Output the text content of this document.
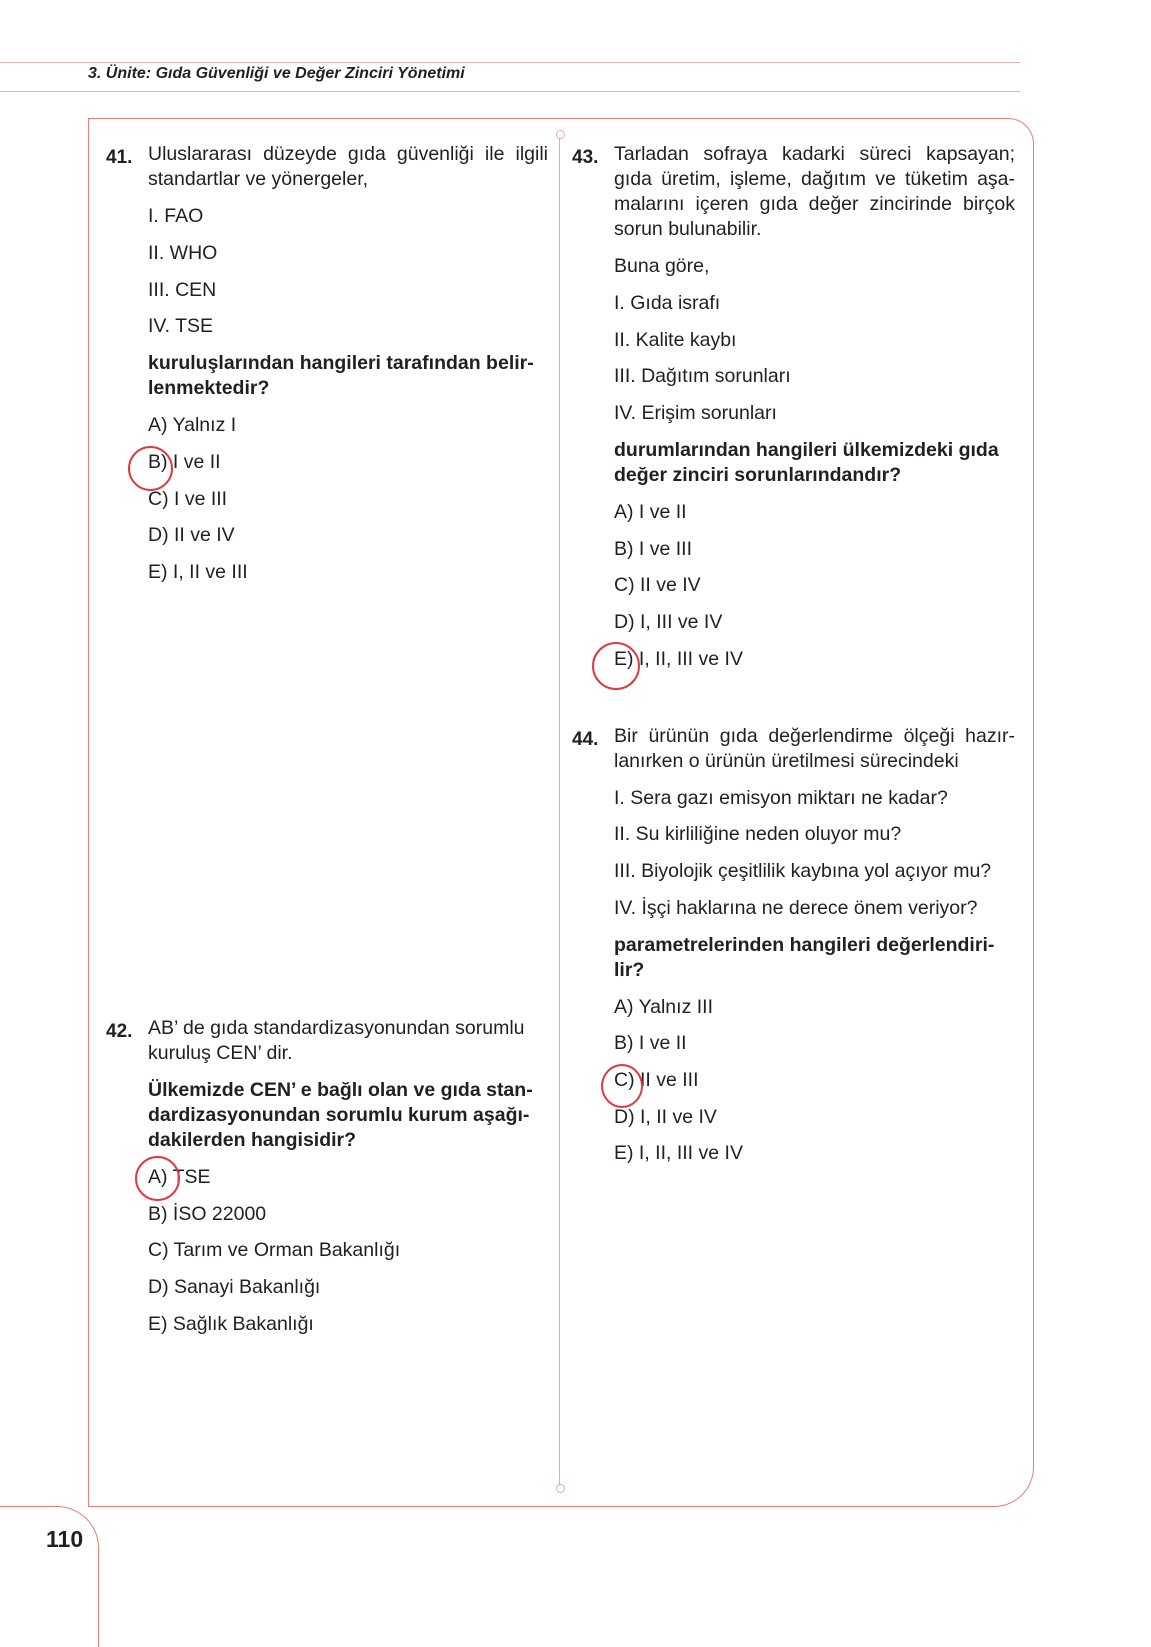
3. Ünite: Gıda Güvenliği ve Değer Zinciri Yönetimi
110
41. Uluslararası düzeyde gıda güvenliği ile ilgili
standartlar ve yönergeler,
I. FAO
II. WHO
III. CEN
IV. TSE
kuruluşlarından hangileri tarafından belir-
lenmektedir?
A) Yalnız I
B) I ve II
C) I ve III
D) II ve IV
E) I, II ve III
42. AB’ de gıda standardizasyonundan sorumlu
kuruluş CEN’ dir.
Ülkemizde CEN’ e bağlı olan ve gıda stan-
dardizasyonundan sorumlu kurum aşağı-
dakilerden hangisidir?
A) TSE
B) İSO 22000
C) Tarım ve Orman Bakanlığı
D) Sanayi Bakanlığı
E) Sağlık Bakanlığı
43. Tarladan sofraya kadarki süreci kapsayan;
gıda üretim, işleme, dağıtım ve tüketim aşa-
malarını içeren gıda değer zincirinde birçok
sorun bulunabilir.
Buna göre,
I. Gıda israfı
II. Kalite kaybı
III. Dağıtım sorunları
IV. Erişim sorunları
durumlarından hangileri ülkemizdeki gıda
değer zinciri sorunlarındandır?
A) I ve II
B) I ve III
C) II ve IV
D) I, III ve IV
E) I, II, III ve IV
44. Bir ürünün gıda değerlendirme ölçeği hazır-
lanırken o ürünün üretilmesi sürecindeki
I. Sera gazı emisyon miktarı ne kadar?
II. Su kirliliğine neden oluyor mu?
III. Biyolojik çeşitlilik kaybına yol açıyor mu?
IV. İşçi haklarına ne derece önem veriyor?
parametrelerinden hangileri değerlendiri-
lir?
A) Yalnız III
B) I ve II
C) II ve III
D) I, II ve IV
E) I, II, III ve IV
